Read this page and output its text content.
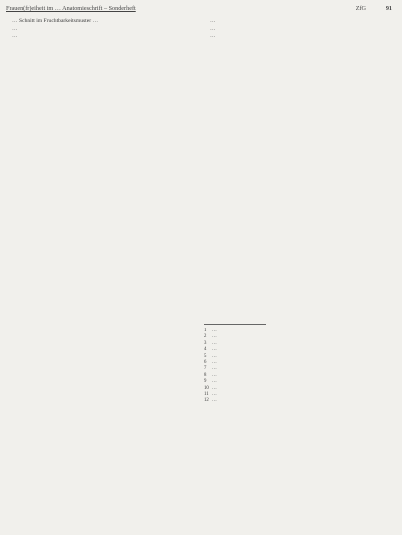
Frauen(fr)eiheit im … Anatomieschrift – Sonderheft	ZfG	91

… Schnitt im Fruchtbarkeitsmuster …

…

…

…

…

…

1	…
2	…
3	…
4	…
5	…
6	…
7	…
8	…
9	…
10 …
11 …
12 …
